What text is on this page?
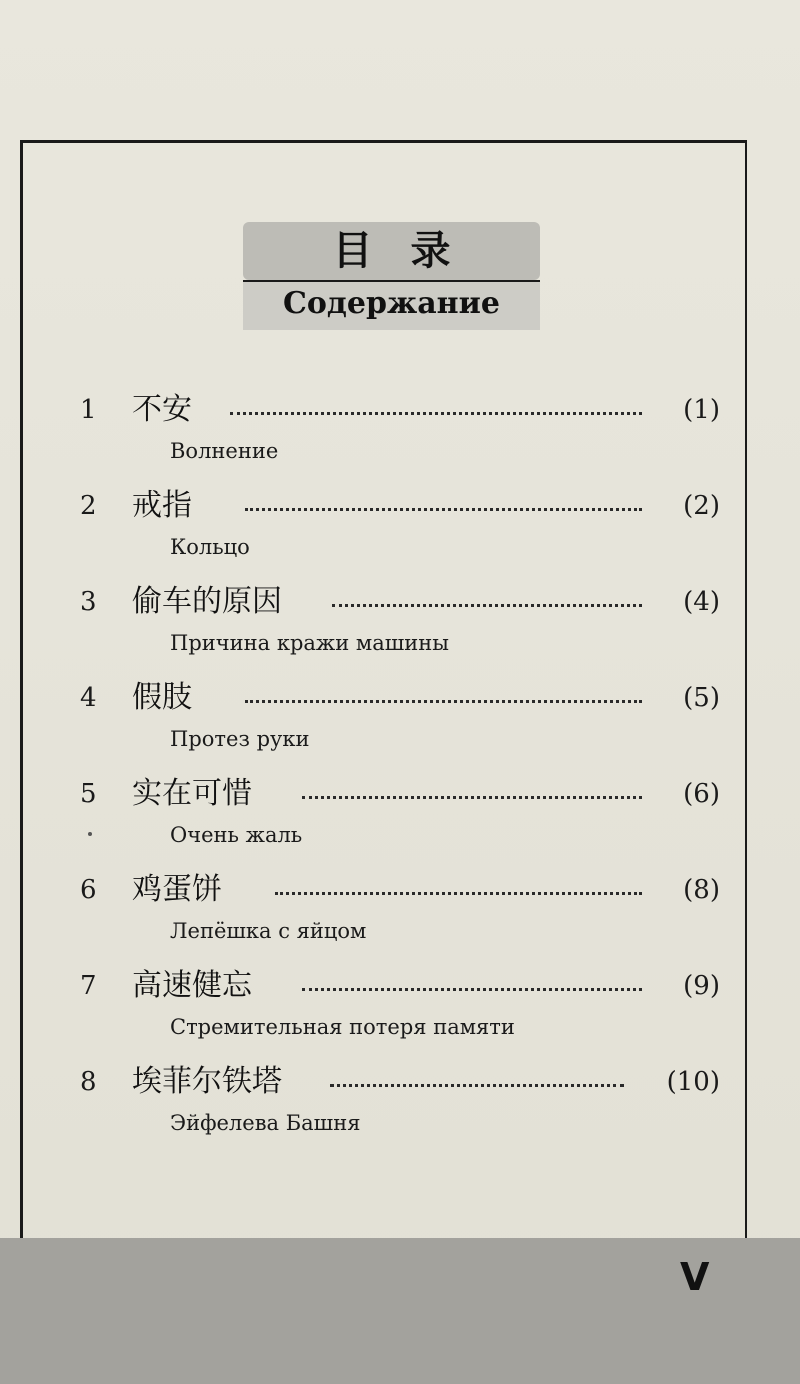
目录
Содержание
1 不安	(1)
Волнение
2 戒指	(2)
Кольцо
3 偷车的原因	(4)
Причина кражи машины
4 假肢	(5)
Протез руки
5 实在可惜	(6)
Очень жаль
6 鸡蛋饼	(8)
Лепёшка с яйцом
7 高速健忘	(9)
Стремительная потеря памяти
8 埃菲尔铁塔	(10)
Эйфелева Башня
V
